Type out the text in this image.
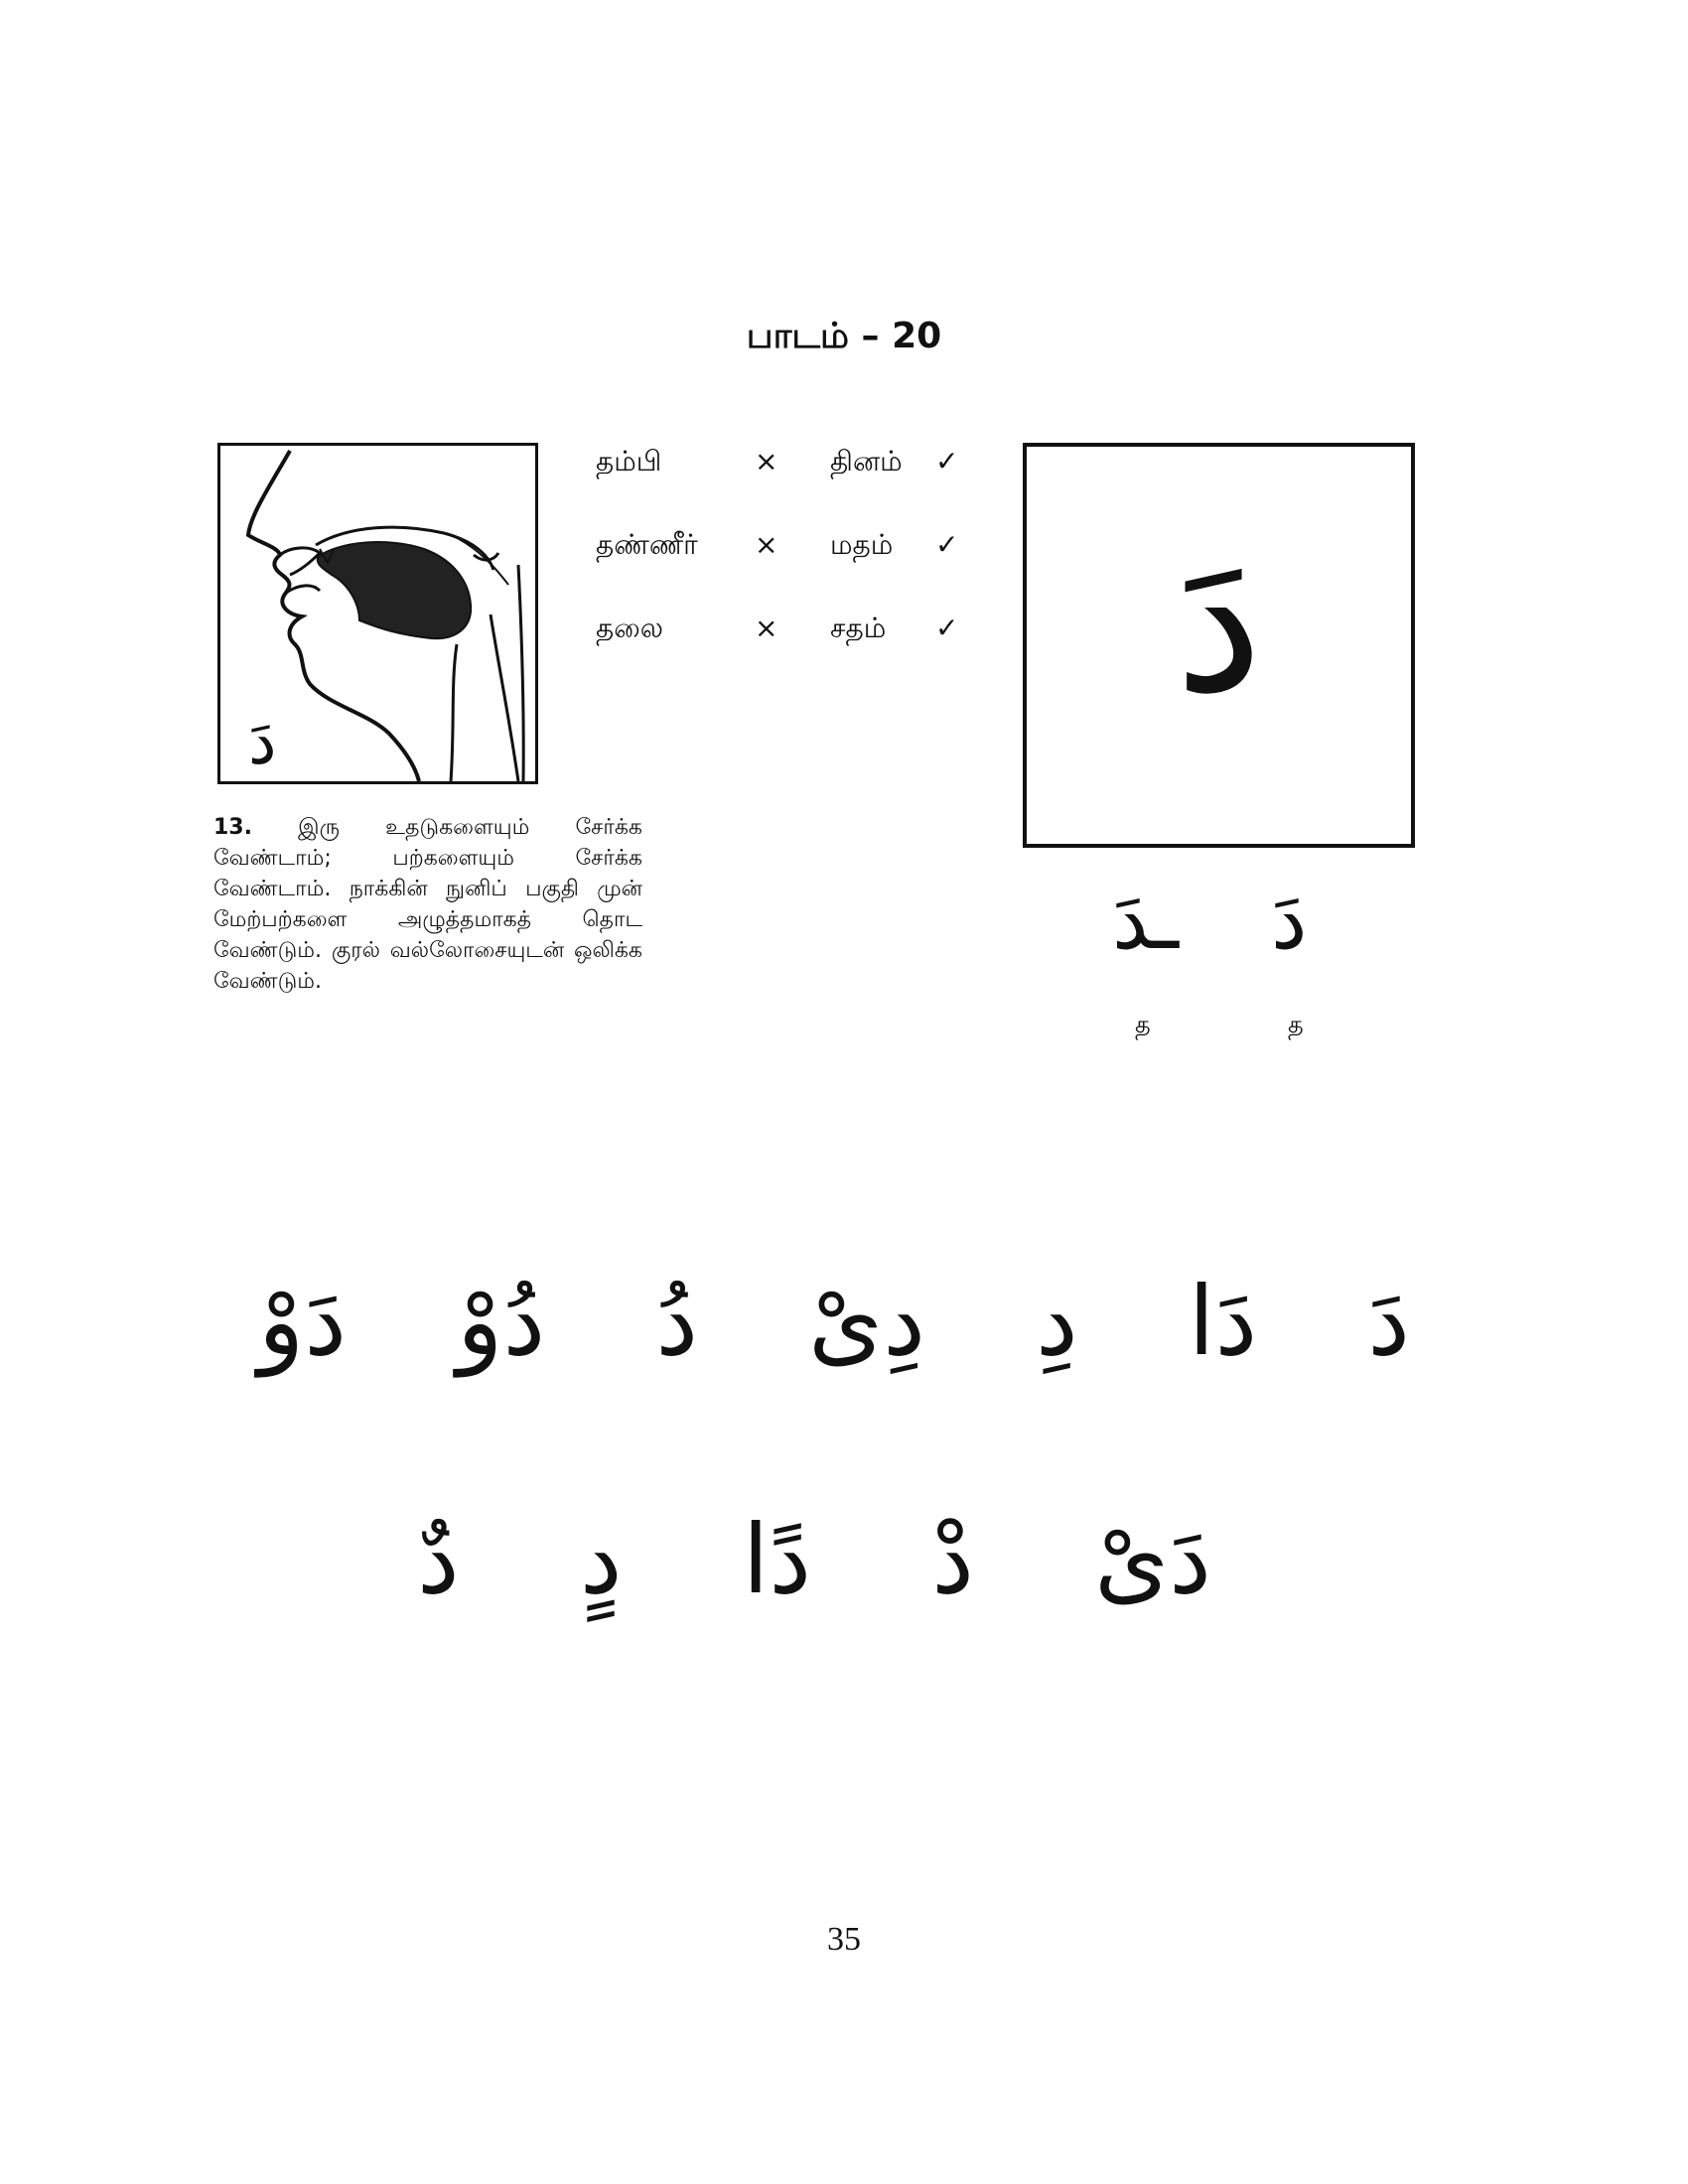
பாடம் – 20
دَ
13. இரு உதடுகளையும் சேர்க்க வேண்டாம்; பற்களையும் சேர்க்க வேண்டாம். நாக்கின் நுனிப் பகுதி முன் மேற்பற்களை அழுத்தமாகத் தொட வேண்டும். குரல் வல்லோசையுடன் ஒலிக்க வேண்டும்.
தம்பி	× தினம் ✓
தண்ணீர் × மதம் ✓
தலை	× சதம் ✓	دَ
ـدَ دَ
த	த
دَ
دَا
دِ
دِیْ
دُ
دُوْ
دَوْ
دَیْ
دْ
دًا
دٍ
دٌ
35
